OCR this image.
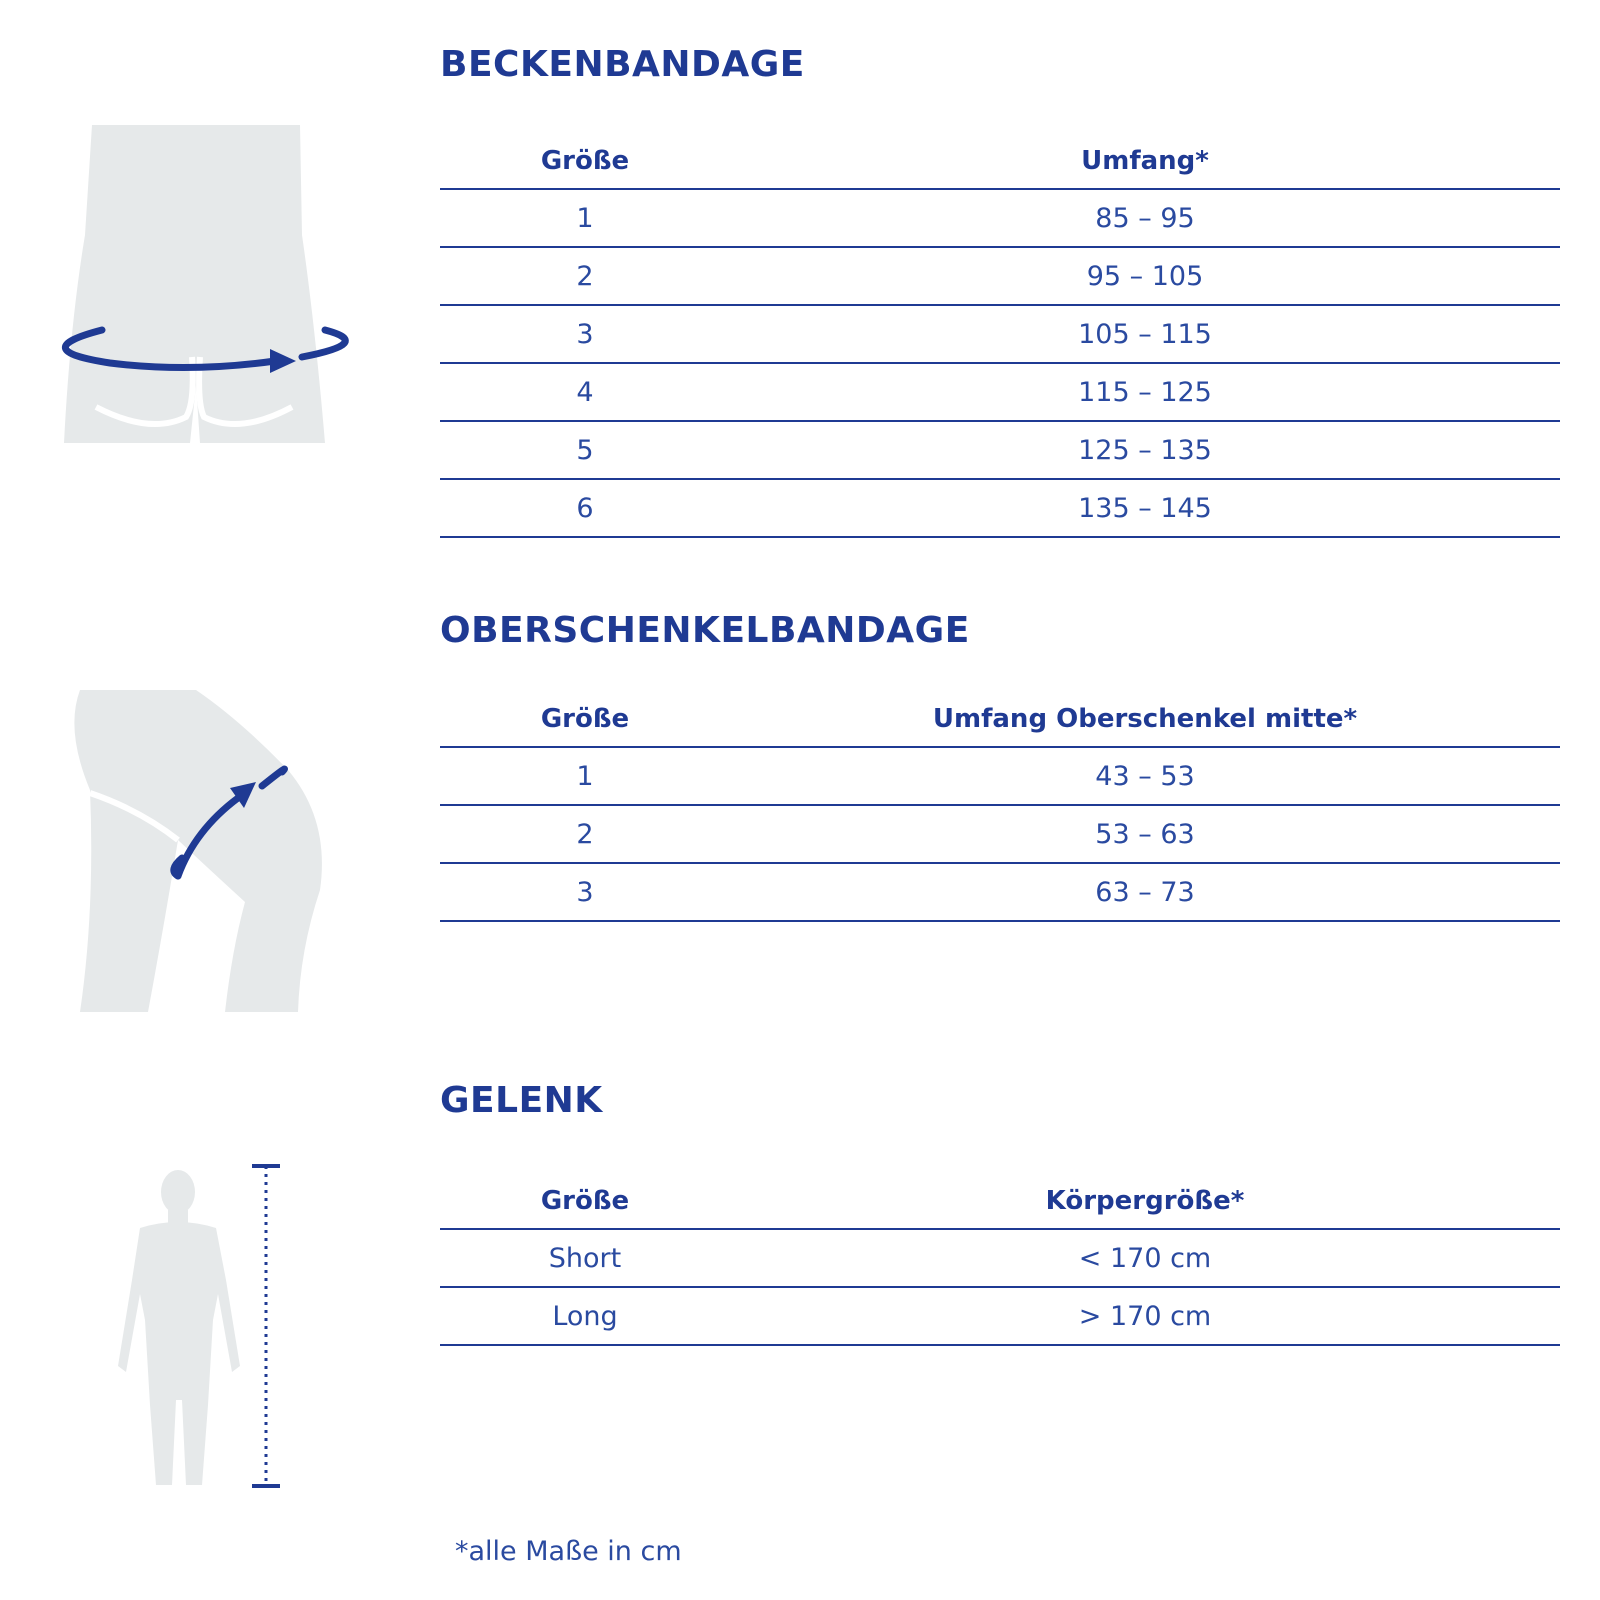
BECKENBANDAGE
Größe	Umfang*
1	85 – 95
2	95 – 105
3	105 – 115
4	115 – 125
5	125 – 135
6	135 – 145
OBERSCHENKELBANDAGE
Größe	Umfang Oberschenkel mitte*
1	43 – 53
2	53 – 63
3	63 – 73
GELENK
Größe	Körpergröße*
Short	< 170 cm
Long	> 170 cm
*alle Maße in cm
